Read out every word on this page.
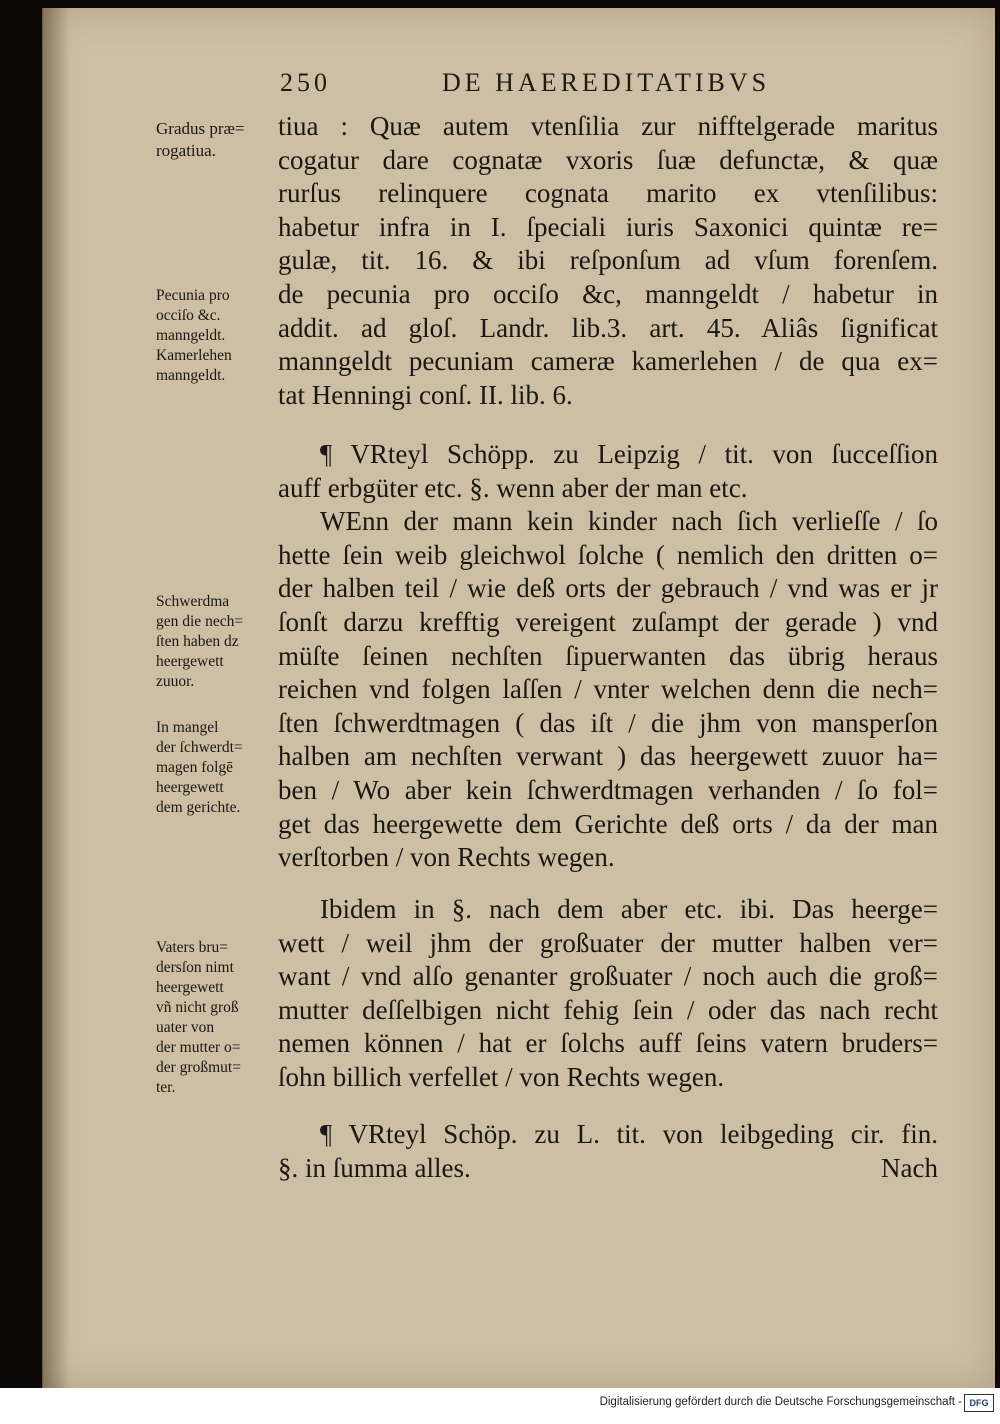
250	DE HAEREDITATIBVS
tiua : Quæ autem vtenſilia zur nifftelgerade maritus
cogatur dare cognatæ vxoris ſuæ defunctæ, & quæ
rurſus relinquere cognata marito ex vtenſilibus:
habetur infra in I. ſpeciali iuris Saxonici quintæ re=
gulæ, tit. 16. & ibi reſponſum ad vſum forenſem.
de pecunia pro occiſo &c, manngeldt / habetur in
addit. ad gloſ. Landr. lib.3. art. 45. Aliâs ſignificat
manngeldt pecuniam cameræ kamerlehen / de qua ex=
tat Henningi conſ. II. lib. 6.
¶ VRteyl Schöpp. zu Leipzig / tit. von ſucceſſion
auff erbgüter etc. §. wenn aber der man etc.
WEnn der mann kein kinder nach ſich verlieſſe / ſo
hette ſein weib gleichwol ſolche ( nemlich den dritten o=
der halben teil / wie deß orts der gebrauch / vnd was er jr
ſonſt darzu krefftig vereigent zuſampt der gerade ) vnd
müſte ſeinen nechſten ſipuerwanten das übrig heraus
reichen vnd folgen laſſen / vnter welchen denn die nech=
ſten ſchwerdtmagen ( das iſt / die jhm von mansperſon
halben am nechſten verwant ) das heergewett zuuor ha=
ben / Wo aber kein ſchwerdtmagen verhanden / ſo fol=
get das heergewette dem Gerichte deß orts / da der man
verſtorben / von Rechts wegen.
Ibidem in §. nach dem aber etc. ibi. Das heerge=
wett / weil jhm der großuater der mutter halben ver=
want / vnd alſo genanter großuater / noch auch die groß=
mutter deſſelbigen nicht fehig ſein / oder das nach recht
nemen können / hat er ſolchs auff ſeins vatern bruders=
ſohn billich verfellet / von Rechts wegen.
¶ VRteyl Schöp. zu L. tit. von leibgeding cir. fin.
§. in ſumma alles.	Nach
Gradus præ=
rogatiua.
Pecunia pro
occiſo &c.
manngeldt.
Kamerlehen
manngeldt.
Schwerdma
gen die nech=
ſten haben dz
heergewett
zuuor.
In mangel
der ſchwerdt=
magen folgē
heergewett
dem gerichte.
Vaters bru=
dersſon nimt
heergewett
vñ nicht groß
uater von
der mutter o=
der großmut=
ter.
Digitalisierung gefördert durch die Deutsche Forschungsgemeinschaft - DFG
